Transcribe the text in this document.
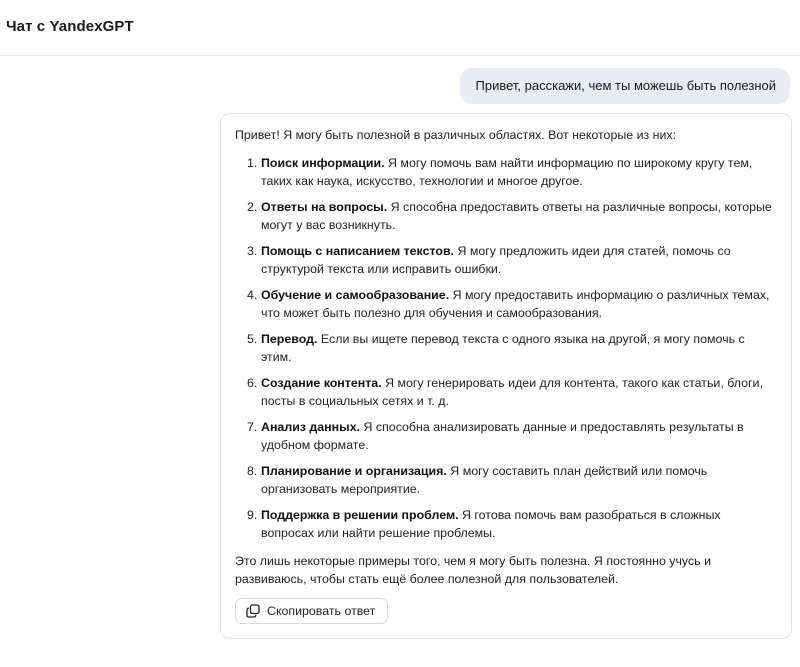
Чат с YandexGPT
Привет, расскажи, чем ты можешь быть полезной
Привет! Я могу быть полезной в различных областях. Вот некоторые из них:
1. Поиск информации. Я могу помочь вам найти информацию по широкому кругу тем, таких как наука, искусство, технологии и многое другое.
2. Ответы на вопросы. Я способна предоставить ответы на различные вопросы, которые могут у вас возникнуть.
3. Помощь с написанием текстов. Я могу предложить идеи для статей, помочь со структурой текста или исправить ошибки.
4. Обучение и самообразование. Я могу предоставить информацию о различных темах, что может быть полезно для обучения и самообразования.
5. Перевод. Если вы ищете перевод текста с одного языка на другой, я могу помочь с этим.
6. Создание контента. Я могу генерировать идеи для контента, такого как статьи, блоги, посты в социальных сетях и т. д.
7. Анализ данных. Я способна анализировать данные и предоставлять результаты в удобном формате.
8. Планирование и организация. Я могу составить план действий или помочь организовать мероприятие.
9. Поддержка в решении проблем. Я готова помочь вам разобраться в сложных вопросах или найти решение проблемы.
Это лишь некоторые примеры того, чем я могу быть полезна. Я постоянно учусь и развиваюсь, чтобы стать ещё более полезной для пользователей.
Скопировать ответ
